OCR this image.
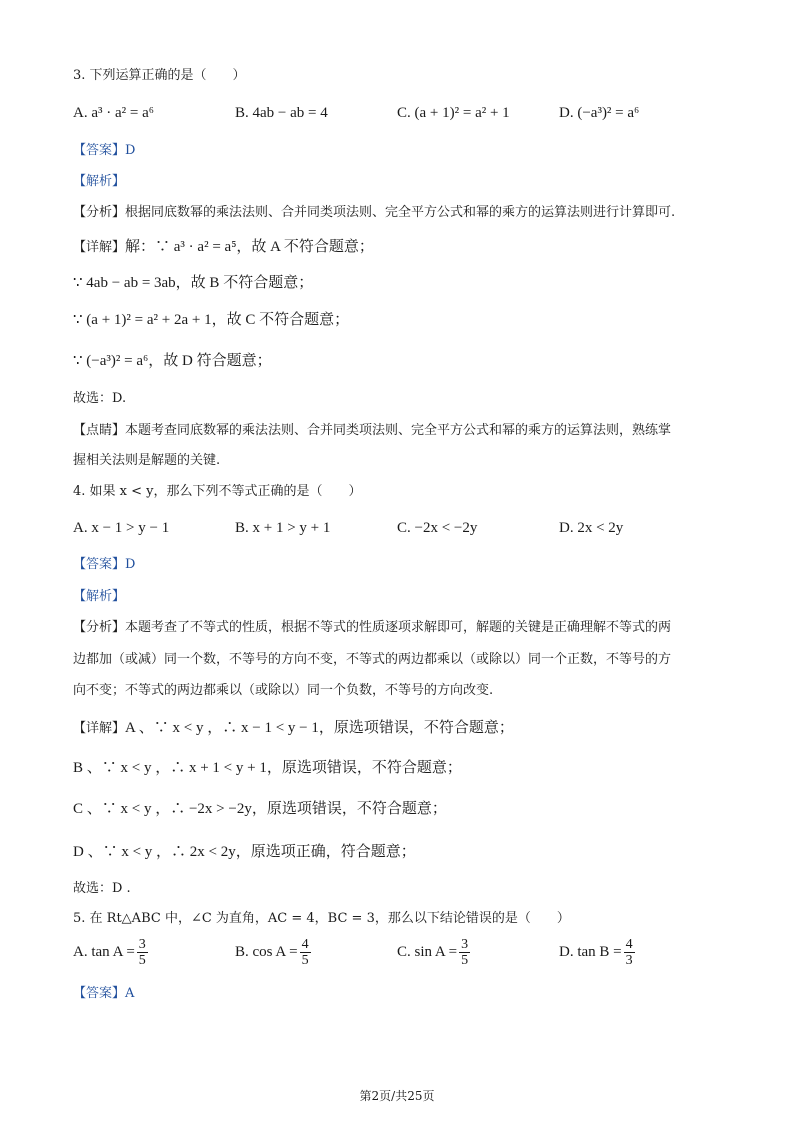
3. 下列运算正确的是（　　）
A. a³ · a² = a⁶	B. 4ab − ab = 4	C. (a + 1)² = a² + 1	D. (−a³)² = a⁶
【答案】D
【解析】
【分析】根据同底数幂的乘法法则、合并同类项法则、完全平方公式和幂的乘方的运算法则进行计算即可.
【详解】解：∵ a³ · a² = a⁵，故 A 不符合题意；
∵ 4ab − ab = 3ab，故 B 不符合题意；
∵ (a + 1)² = a² + 2a + 1，故 C 不符合题意；
∵ (−a³)² = a⁶，故 D 符合题意；
故选：D.
【点睛】本题考查同底数幂的乘法法则、合并同类项法则、完全平方公式和幂的乘方的运算法则，熟练掌
握相关法则是解题的关键.
4. 如果 x < y，那么下列不等式正确的是（　　）
A. x − 1 > y − 1	B. x + 1 > y + 1	C. −2x < −2y	D. 2x < 2y
【答案】D
【解析】
【分析】本题考查了不等式的性质，根据不等式的性质逐项求解即可，解题的关键是正确理解不等式的两
边都加（或减）同一个数，不等号的方向不变，不等式的两边都乘以（或除以）同一个正数，不等号的方
向不变；不等式的两边都乘以（或除以）同一个负数，不等号的方向改变.
【详解】A 、∵ x < y ，∴ x − 1 < y − 1，原选项错误，不符合题意；
B 、∵ x < y ，∴ x + 1 < y + 1，原选项错误，不符合题意；
C 、∵ x < y ，∴ −2x > −2y，原选项错误，不符合题意；
D 、∵ x < y ，∴ 2x < 2y，原选项正确，符合题意；
故选：D .
5. 在 Rt△ABC 中，∠C 为直角，AC = 4，BC = 3，那么以下结论错误的是（　　）
A. $\tan A = \frac{3}{5}$	B. $\cos A = \frac{4}{5}$	C. $\sin A = \frac{3}{5}$	D. $\tan B = \frac{4}{3}$
【答案】A
第2页/共25页
